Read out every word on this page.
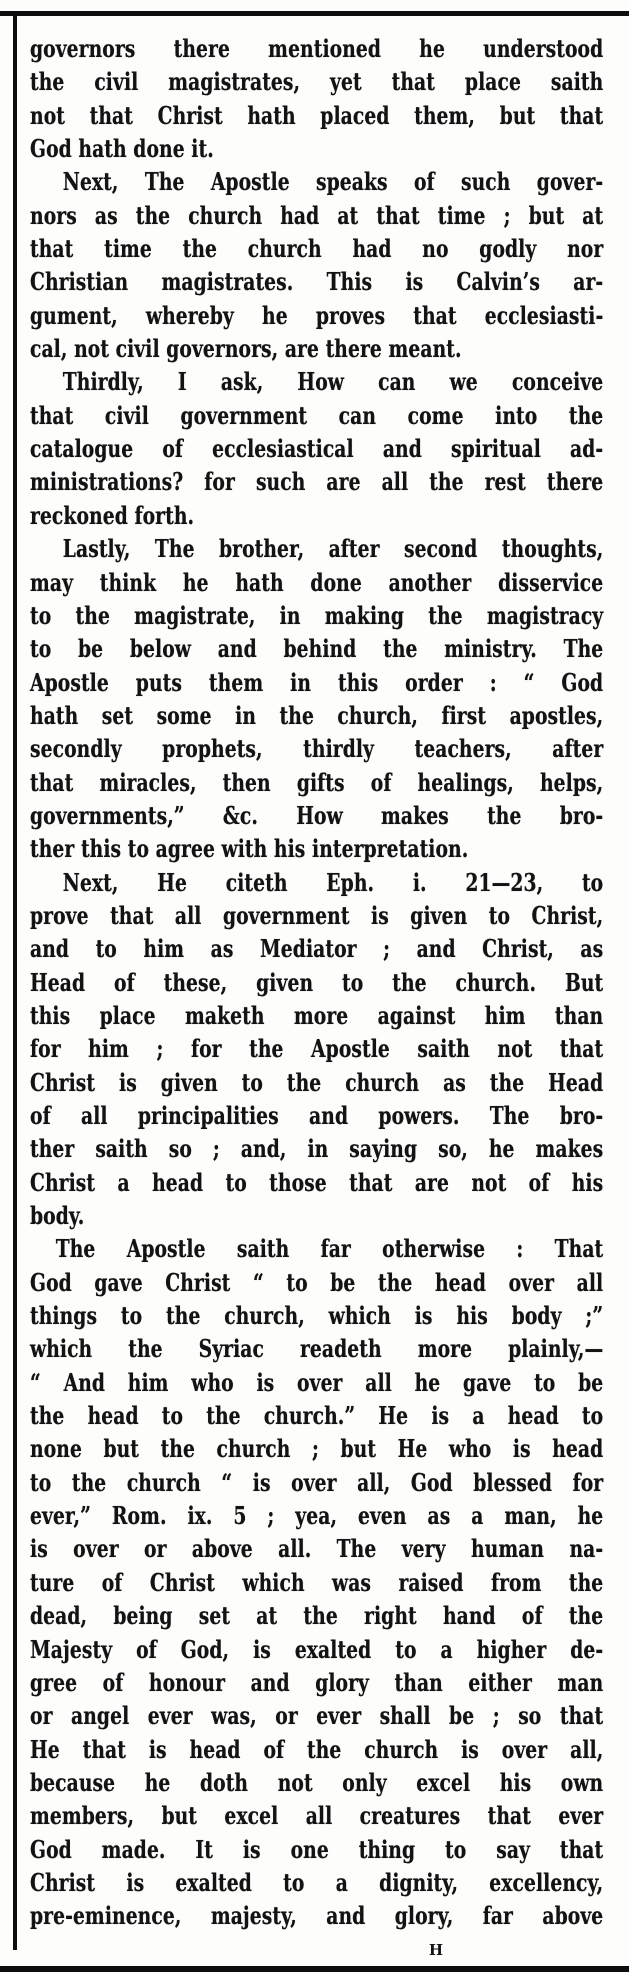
governors there mentioned he understood
the civil magistrates, yet that place saith
not that Christ hath placed them, but that
God hath done it.
Next, The Apostle speaks of such gover-
nors as the church had at that time ; but at
that time the church had no godly nor
Christian magistrates. This is Calvin’s ar-
gument, whereby he proves that ecclesiasti-
cal, not civil governors, are there meant.
Thirdly, I ask, How can we conceive
that civil government can come into the
catalogue of ecclesiastical and spiritual ad-
ministrations? for such are all the rest there
reckoned forth.
Lastly, The brother, after second thoughts,
may think he hath done another disservice
to the magistrate, in making the magistracy
to be below and behind the ministry. The
Apostle puts them in this order : “ God
hath set some in the church, first apostles,
secondly prophets, thirdly teachers, after
that miracles, then gifts of healings, helps,
governments,” &c. How makes the bro-
ther this to agree with his interpretation.
Next, He citeth Eph. i. 21—23, to
prove that all government is given to Christ,
and to him as Mediator ; and Christ, as
Head of these, given to the church. But
this place maketh more against him than
for him ; for the Apostle saith not that
Christ is given to the church as the Head
of all principalities and powers. The bro-
ther saith so ; and, in saying so, he makes
Christ a head to those that are not of his
body.
The Apostle saith far otherwise : That
God gave Christ “ to be the head over all
things to the church, which is his body ;”
which the Syriac readeth more plainly,—
“ And him who is over all he gave to be
the head to the church.” He is a head to
none but the church ; but He who is head
to the church “ is over all, God blessed for
ever,” Rom. ix. 5 ; yea, even as a man, he
is over or above all. The very human na-
ture of Christ which was raised from the
dead, being set at the right hand of the
Majesty of God, is exalted to a higher de-
gree of honour and glory than either man
or angel ever was, or ever shall be ; so that
He that is head of the church is over all,
because he doth not only excel his own
members, but excel all creatures that ever
God made. It is one thing to say that
Christ is exalted to a dignity, excellency,
pre-eminence, majesty, and glory, far above
H
